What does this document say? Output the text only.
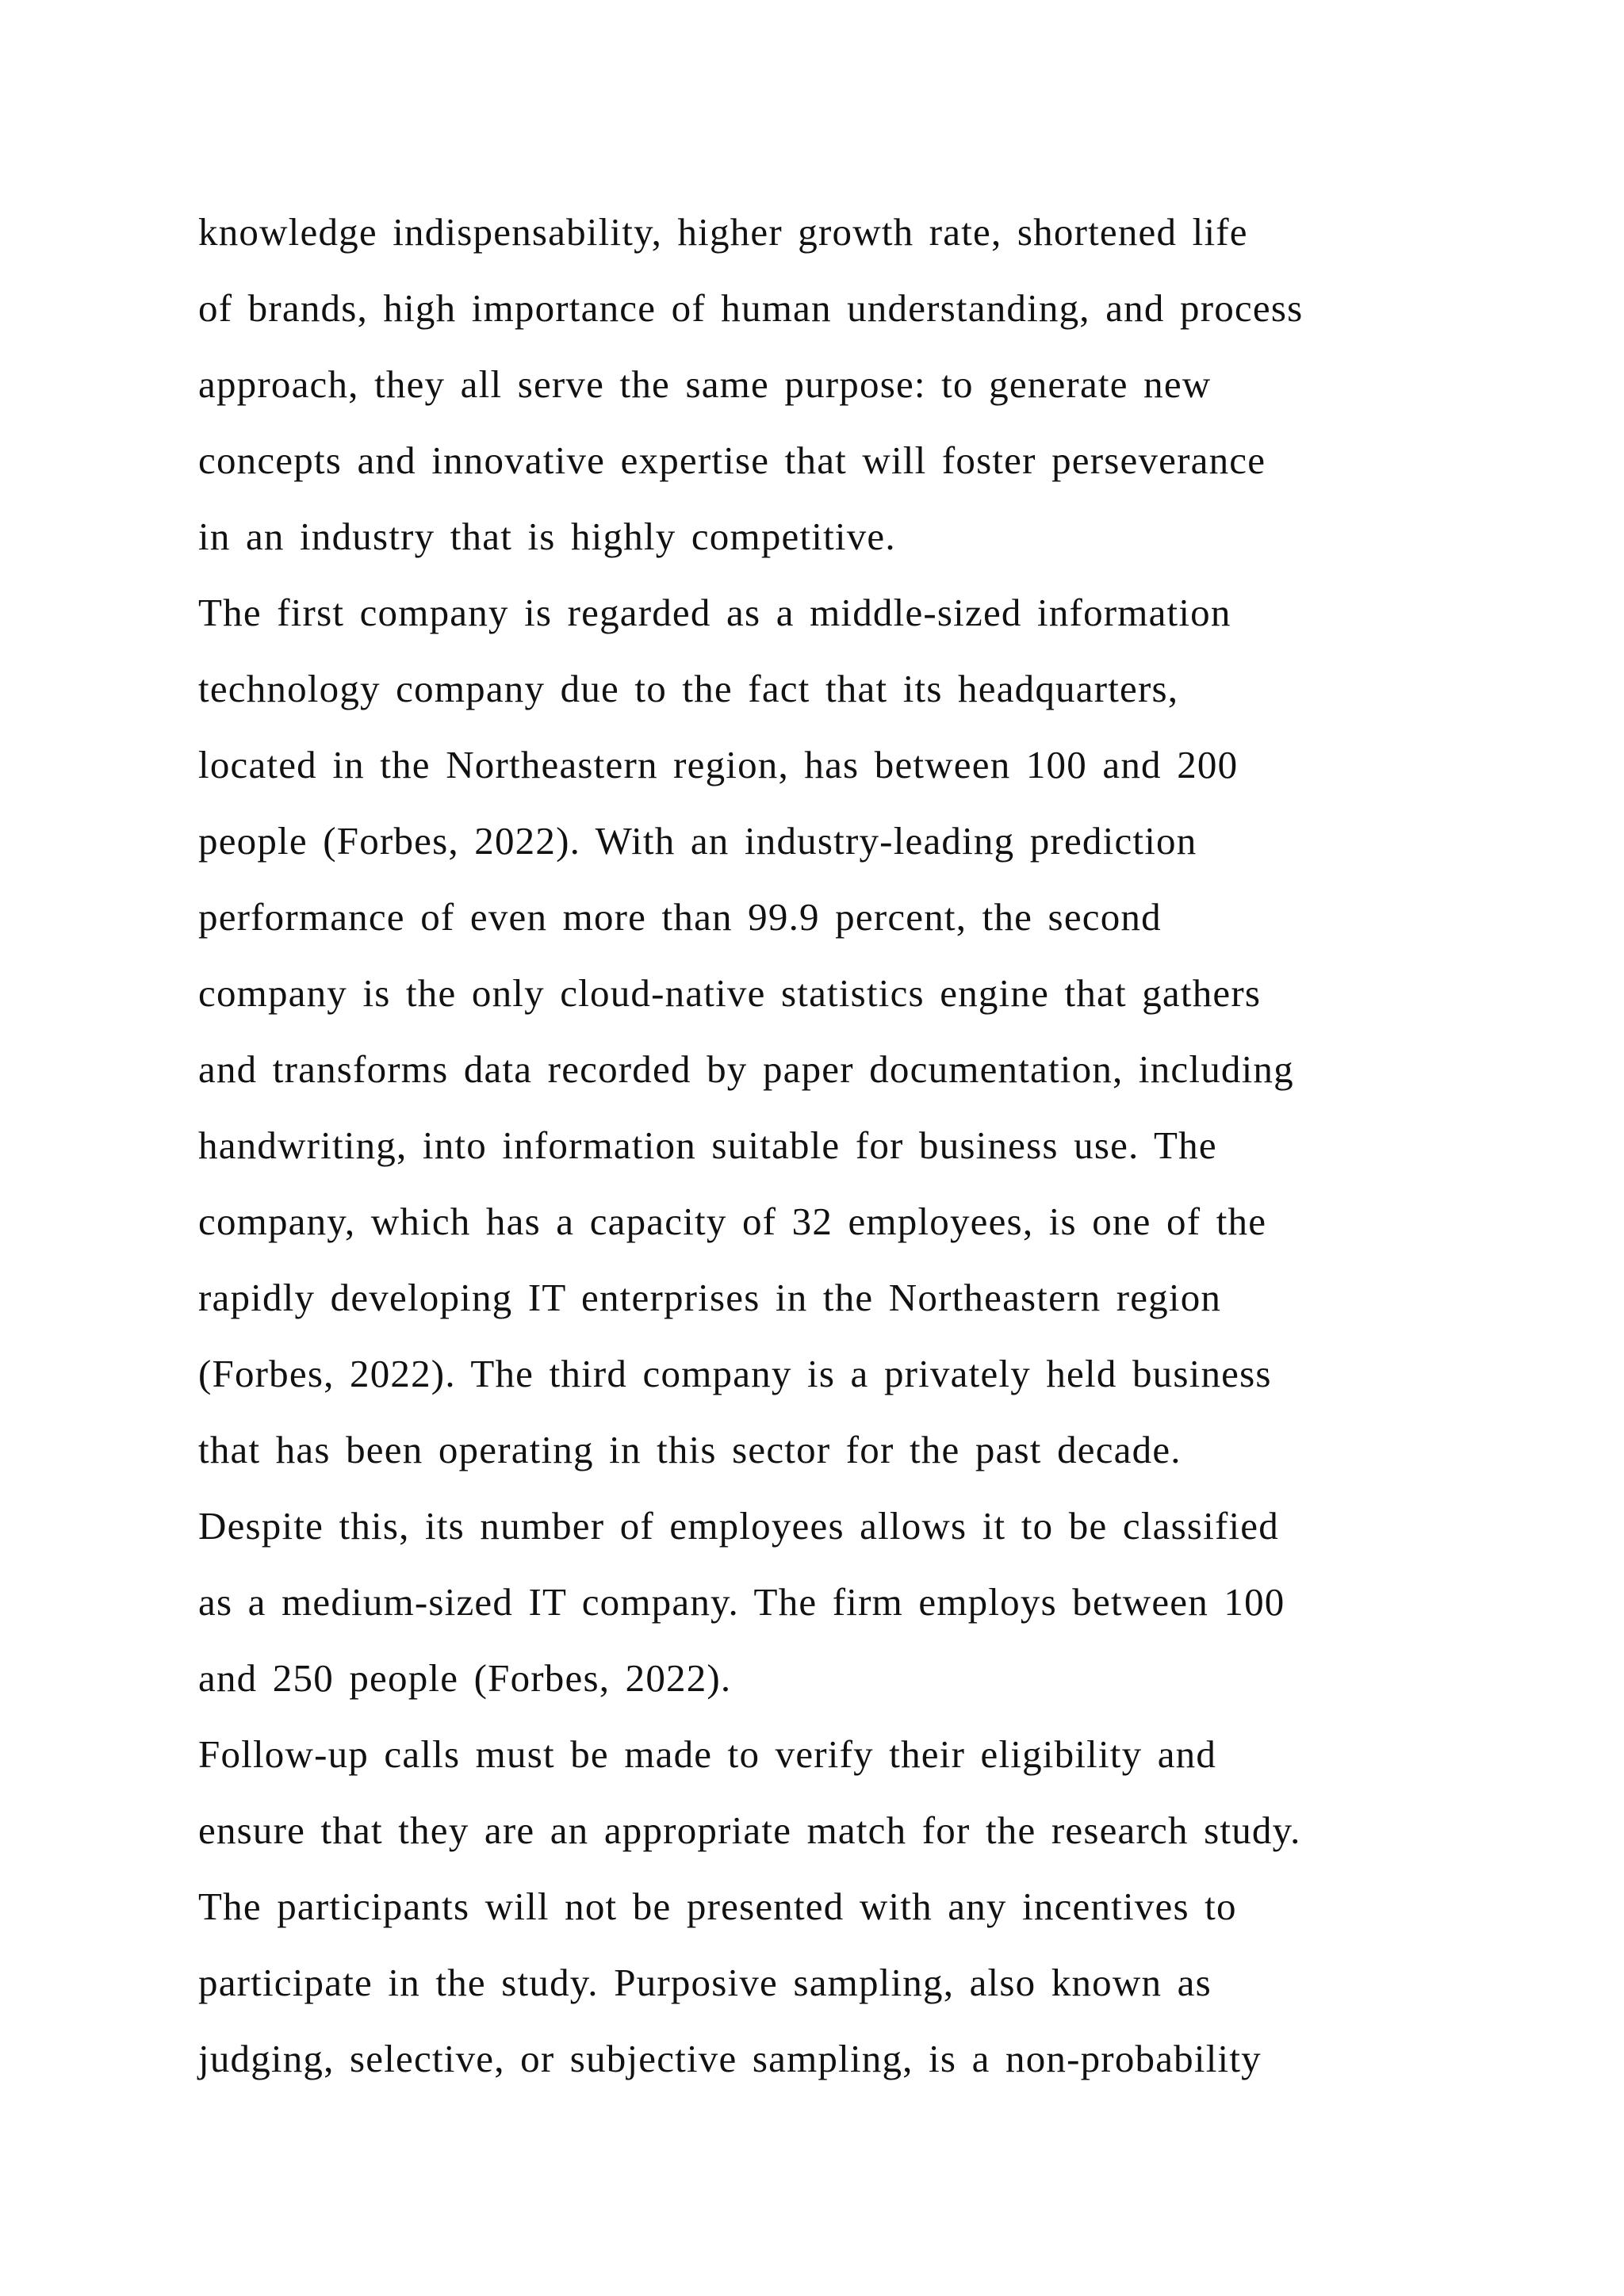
knowledge indispensability, higher growth rate, shortened life
of brands, high importance of human understanding, and process
approach, they all serve the same purpose: to generate new
concepts and innovative expertise that will foster perseverance
in an industry that is highly competitive.
The first company is regarded as a middle-sized information
technology company due to the fact that its headquarters,
located in the Northeastern region, has between 100 and 200
people (Forbes, 2022). With an industry-leading prediction
performance of even more than 99.9 percent, the second
company is the only cloud-native statistics engine that gathers
and transforms data recorded by paper documentation, including
handwriting, into information suitable for business use. The
company, which has a capacity of 32 employees, is one of the
rapidly developing IT enterprises in the Northeastern region
(Forbes, 2022). The third company is a privately held business
that has been operating in this sector for the past decade.
Despite this, its number of employees allows it to be classified
as a medium-sized IT company. The firm employs between 100
and 250 people (Forbes, 2022).
Follow-up calls must be made to verify their eligibility and
ensure that they are an appropriate match for the research study.
The participants will not be presented with any incentives to
participate in the study. Purposive sampling, also known as
judging, selective, or subjective sampling, is a non-probability
